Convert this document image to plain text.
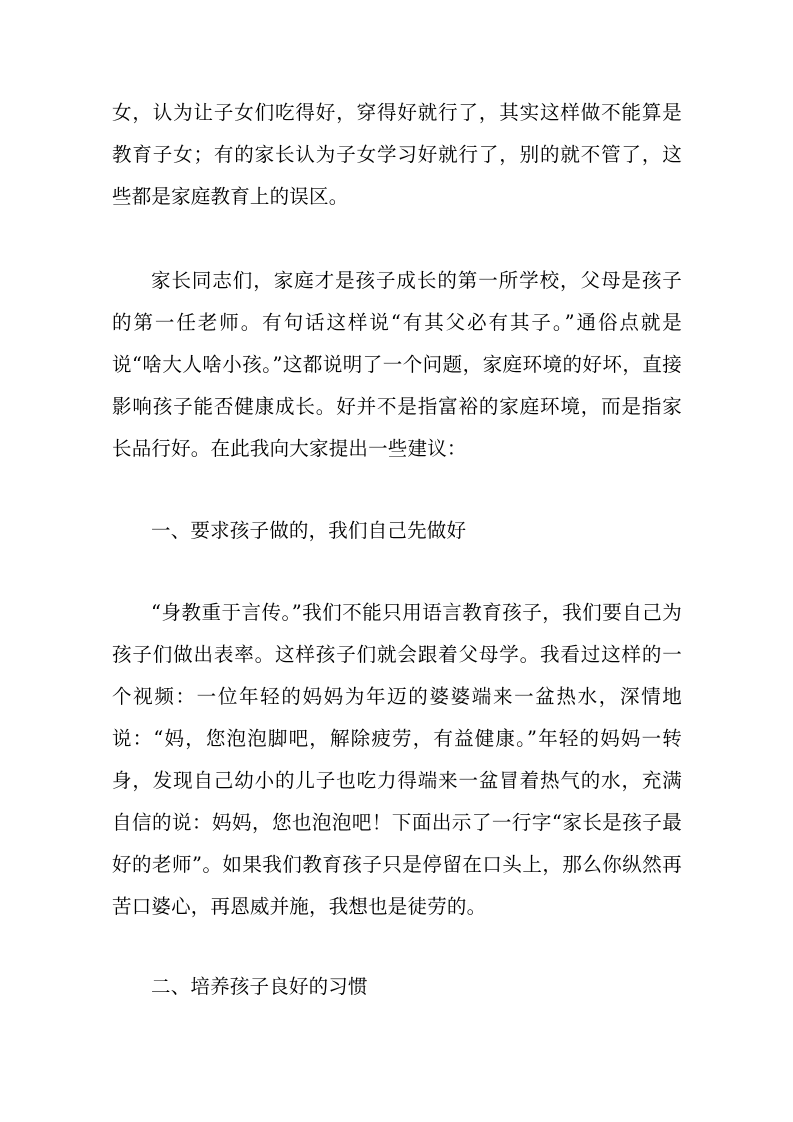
女，认为让子女们吃得好，穿得好就行了，其实这样做不能算是教育子女；有的家长认为子女学习好就行了，别的就不管了，这些都是家庭教育上的误区。

家长同志们，家庭才是孩子成长的第一所学校，父母是孩子的第一任老师。有句话这样说“有其父必有其子。”通俗点就是说“啥大人啥小孩。”这都说明了一个问题，家庭环境的好坏，直接影响孩子能否健康成长。好并不是指富裕的家庭环境，而是指家长品行好。在此我向大家提出一些建议：

一、要求孩子做的，我们自己先做好

“身教重于言传。”我们不能只用语言教育孩子，我们要自己为孩子们做出表率。这样孩子们就会跟着父母学。我看过这样的一个视频：一位年轻的妈妈为年迈的婆婆端来一盆热水，深情地说：“妈，您泡泡脚吧，解除疲劳，有益健康。”年轻的妈妈一转身，发现自己幼小的儿子也吃力得端来一盆冒着热气的水，充满自信的说：妈妈，您也泡泡吧！下面出示了一行字“家长是孩子最好的老师”。如果我们教育孩子只是停留在口头上，那么你纵然再苦口婆心，再恩威并施，我想也是徒劳的。

二、培养孩子良好的习惯
